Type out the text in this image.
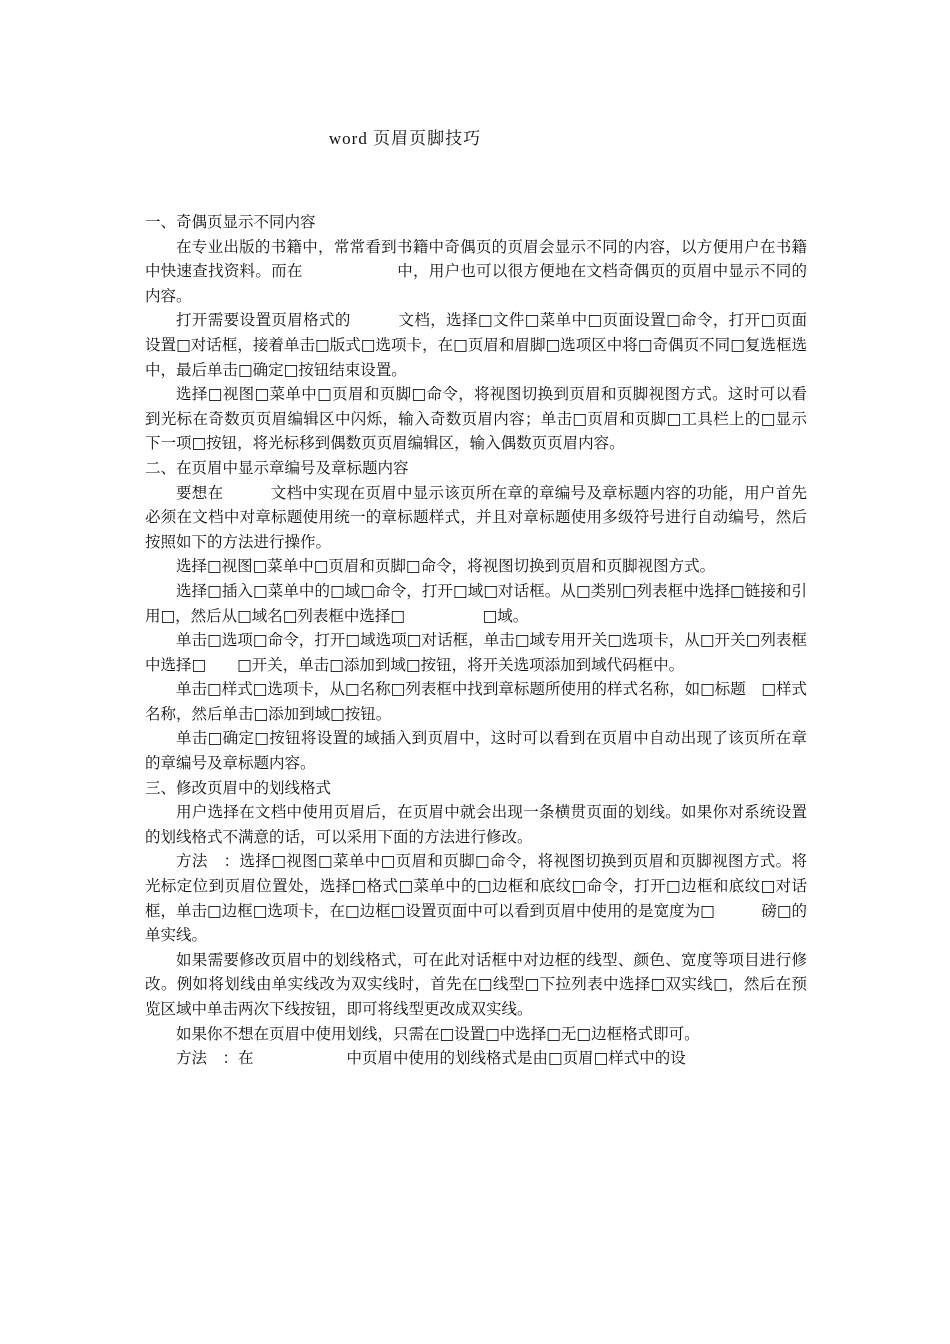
word 页眉页脚技巧

一、奇偶页显示不同内容

在专业出版的书籍中，常常看到书籍中奇偶页的页眉会显示不同的内容，以方便用户在书籍中快速查找资料。而在　　　　　　中，用户也可以很方便地在文档奇偶页的页眉中显示不同的内容。

打开需要设置页眉格式的　　　文档，选择□文件□菜单中□页面设置□命令，打开□页面设置□对话框，接着单击□版式□选项卡，在□页眉和眉脚□选项区中将□奇偶页不同□复选框选中，最后单击□确定□按钮结束设置。

选择□视图□菜单中□页眉和页脚□命令，将视图切换到页眉和页脚视图方式。这时可以看到光标在奇数页页眉编辑区中闪烁，输入奇数页眉内容；单击□页眉和页脚□工具栏上的□显示下一项□按钮，将光标移到偶数页页眉编辑区，输入偶数页页眉内容。

二、在页眉中显示章编号及章标题内容

要想在　　　文档中实现在页眉中显示该页所在章的章编号及章标题内容的功能，用户首先必须在文档中对章标题使用统一的章标题样式，并且对章标题使用多级符号进行自动编号，然后按照如下的方法进行操作。

选择□视图□菜单中□页眉和页脚□命令，将视图切换到页眉和页脚视图方式。

选择□插入□菜单中的□域□命令，打开□域□对话框。从□类别□列表框中选择□链接和引用□，然后从□域名□列表框中选择□　　　　　□域。

单击□选项□命令，打开□域选项□对话框，单击□域专用开关□选项卡，从□开关□列表框中选择□　　□开关，单击□添加到域□按钮，将开关选项添加到域代码框中。

单击□样式□选项卡，从□名称□列表框中找到章标题所使用的样式名称，如□标题　□样式名称，然后单击□添加到域□按钮。

单击□确定□按钮将设置的域插入到页眉中，这时可以看到在页眉中自动出现了该页所在章的章编号及章标题内容。

三、修改页眉中的划线格式

用户选择在文档中使用页眉后，在页眉中就会出现一条横贯页面的划线。如果你对系统设置的划线格式不满意的话，可以采用下面的方法进行修改。

方法　：选择□视图□菜单中□页眉和页脚□命令，将视图切换到页眉和页脚视图方式。将光标定位到页眉位置处，选择□格式□菜单中的□边框和底纹□命令，打开□边框和底纹□对话框，单击□边框□选项卡，在□边框□设置页面中可以看到页眉中使用的是宽度为□　　　磅□的单实线。

如果需要修改页眉中的划线格式，可在此对话框中对边框的线型、颜色、宽度等项目进行修改。例如将划线由单实线改为双实线时，首先在□线型□下拉列表中选择□双实线□，然后在预览区域中单击两次下线按钮，即可将线型更改成双实线。

如果你不想在页眉中使用划线，只需在□设置□中选择□无□边框格式即可。

方法　：在　　　　　　中页眉中使用的划线格式是由□页眉□样式中的设
